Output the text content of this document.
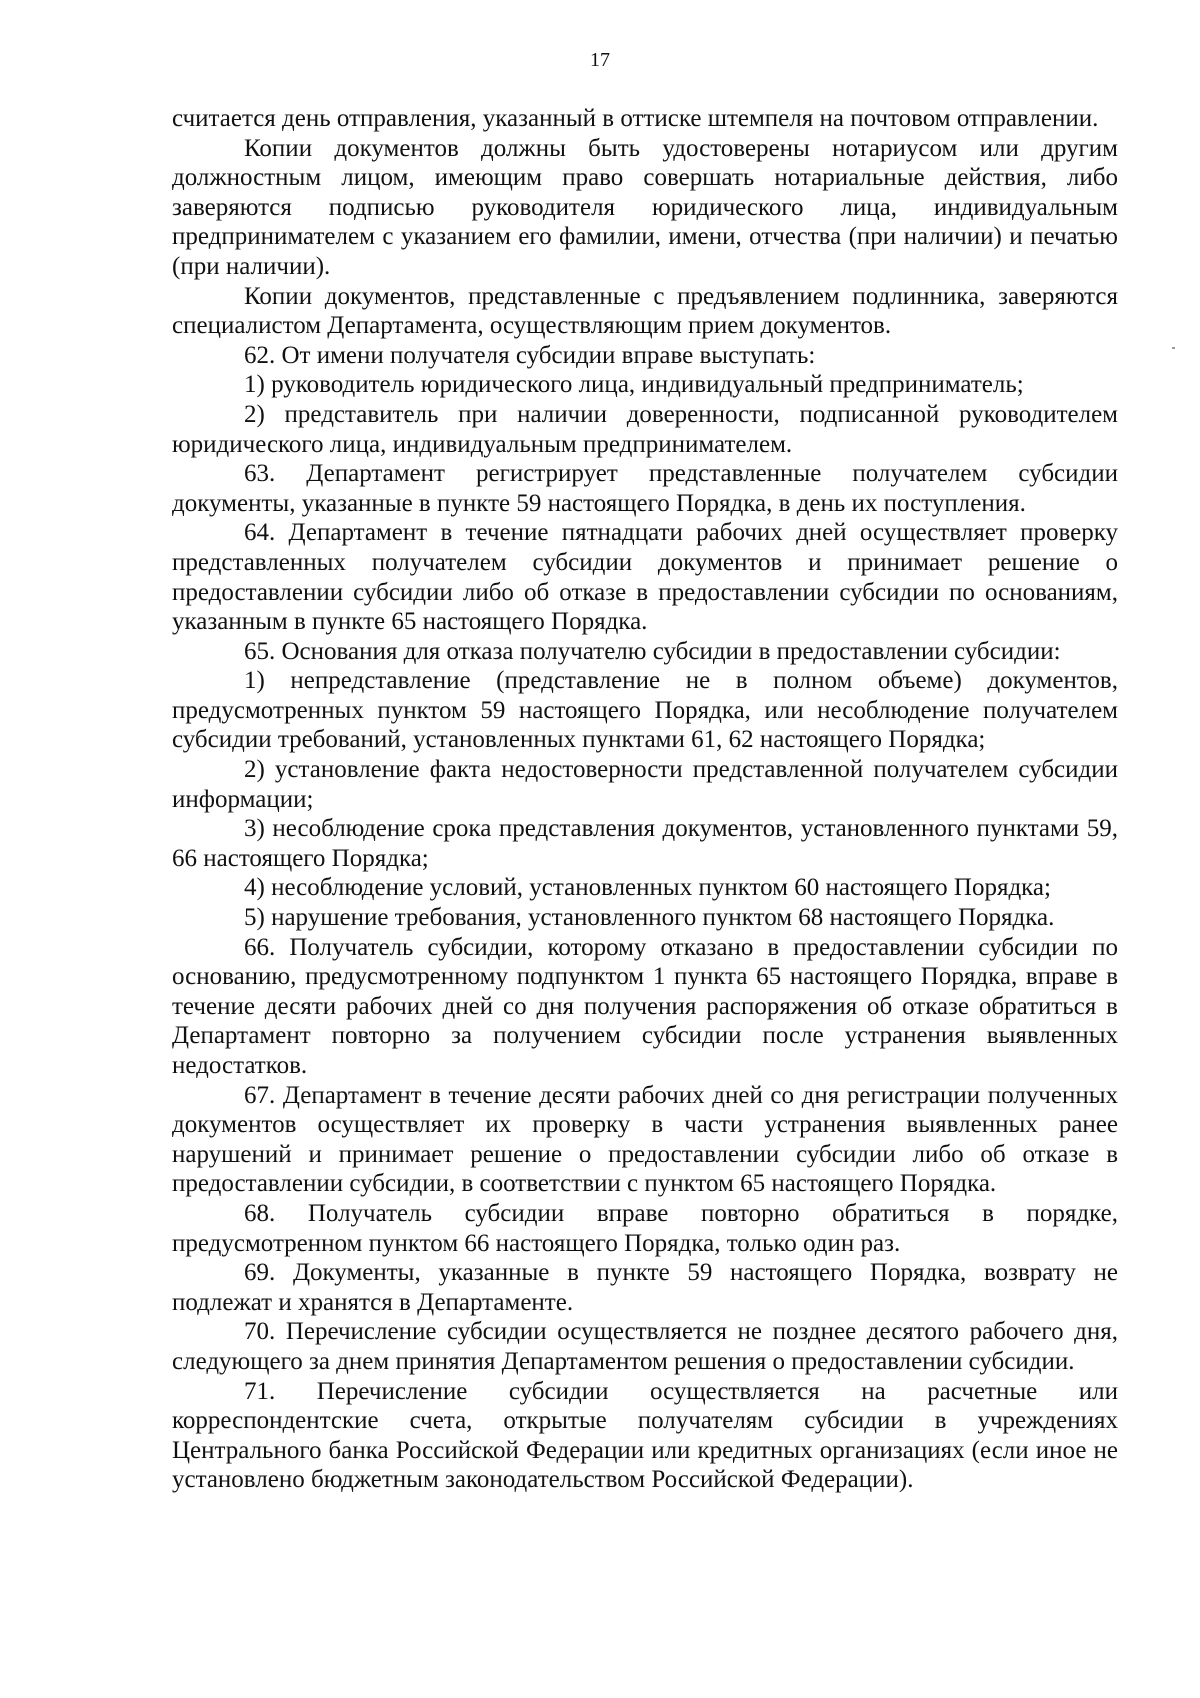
17

считается день отправления, указанный в оттиске штемпеля на почтовом отправлении.

Копии документов должны быть удостоверены нотариусом или другим должностным лицом, имеющим право совершать нотариальные действия, либо заверяются подписью руководителя юридического лица, индивидуальным предпринимателем с указанием его фамилии, имени, отчества (при наличии) и печатью (при наличии).

Копии документов, представленные с предъявлением подлинника, заверяются специалистом Департамента, осуществляющим прием документов.

62. От имени получателя субсидии вправе выступать:

1) руководитель юридического лица, индивидуальный предприниматель;

2) представитель при наличии доверенности, подписанной руководителем юридического лица, индивидуальным предпринимателем.

63. Департамент регистрирует представленные получателем субсидии документы, указанные в пункте 59 настоящего Порядка, в день их поступления.

64. Департамент в течение пятнадцати рабочих дней осуществляет проверку представленных получателем субсидии документов и принимает решение о предоставлении субсидии либо об отказе в предоставлении субсидии по основаниям, указанным в пункте 65 настоящего Порядка.

65. Основания для отказа получателю субсидии в предоставлении субсидии:

1) непредставление (представление не в полном объеме) документов, предусмотренных пунктом 59 настоящего Порядка, или несоблюдение получателем субсидии требований, установленных пунктами 61, 62 настоящего Порядка;

2) установление факта недостоверности представленной получателем субсидии информации;

3) несоблюдение срока представления документов, установленного пунктами 59, 66 настоящего Порядка;

4) несоблюдение условий, установленных пунктом 60 настоящего Порядка;

5) нарушение требования, установленного пунктом 68 настоящего Порядка.

66. Получатель субсидии, которому отказано в предоставлении субсидии по основанию, предусмотренному подпунктом 1 пункта 65 настоящего Порядка, вправе в течение десяти рабочих дней со дня получения распоряжения об отказе обратиться в Департамент повторно за получением субсидии после устранения выявленных недостатков.

67. Департамент в течение десяти рабочих дней со дня регистрации полученных документов осуществляет их проверку в части устранения выявленных ранее нарушений и принимает решение о предоставлении субсидии либо об отказе в предоставлении субсидии, в соответствии с пунктом 65 настоящего Порядка.

68. Получатель субсидии вправе повторно обратиться в порядке, предусмотренном пунктом 66 настоящего Порядка, только один раз.

69. Документы, указанные в пункте 59 настоящего Порядка, возврату не подлежат и хранятся в Департаменте.

70. Перечисление субсидии осуществляется не позднее десятого рабочего дня, следующего за днем принятия Департаментом решения о предоставлении субсидии.

71. Перечисление субсидии осуществляется на расчетные или корреспондентские счета, открытые получателям субсидии в учреждениях Центрального банка Российской Федерации или кредитных организациях (если иное не установлено бюджетным законодательством Российской Федерации).
